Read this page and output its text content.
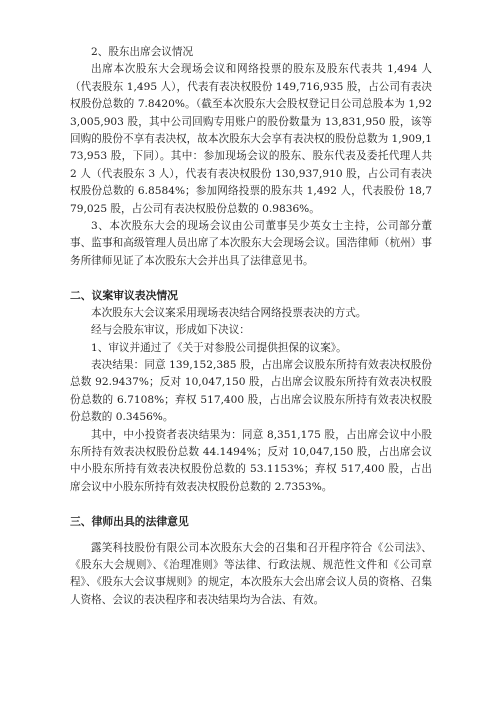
2、股东出席会议情况

出席本次股东大会现场会议和网络投票的股东及股东代表共 1,494 人（代表股东 1,495 人），代表有表决权股份 149,716,935 股，占公司有表决权股份总数的 7.8420%。（截至本次股东大会股权登记日公司总股本为 1,923,005,903 股，其中公司回购专用账户的股份数量为 13,831,950 股，该等回购的股份不享有表决权，故本次股东大会享有表决权的股份总数为 1,909,173,953 股，下同）。其中：参加现场会议的股东、股东代表及委托代理人共 2 人（代表股东 3 人），代表有表决权股份 130,937,910 股，占公司有表决权股份总数的 6.8584%；参加网络投票的股东共 1,492 人，代表股份 18,779,025 股，占公司有表决权股份总数的 0.9836%。

3、本次股东大会的现场会议由公司董事吴少英女士主持，公司部分董事、监事和高级管理人员出席了本次股东大会现场会议。国浩律师（杭州）事务所律师见证了本次股东大会并出具了法律意见书。

二、议案审议表决情况

本次股东大会议案采用现场表决结合网络投票表决的方式。

经与会股东审议，形成如下决议：

1、审议并通过了《关于对参股公司提供担保的议案》。

表决结果：同意 139,152,385 股，占出席会议股东所持有效表决权股份总数 92.9437%；反对 10,047,150 股，占出席会议股东所持有效表决权股份总数的 6.7108%；弃权 517,400 股，占出席会议股东所持有效表决权股份总数的 0.3456%。

其中，中小投资者表决结果为：同意 8,351,175 股，占出席会议中小股东所持有效表决权股份总数 44.1494%；反对 10,047,150 股，占出席会议中小股东所持有效表决权股份总数的 53.1153%；弃权 517,400 股，占出席会议中小股东所持有效表决权股份总数的 2.7353%。

三、律师出具的法律意见

露笑科技股份有限公司本次股东大会的召集和召开程序符合《公司法》、《股东大会规则》、《治理准则》等法律、行政法规、规范性文件和《公司章程》、《股东大会议事规则》的规定，本次股东大会出席会议人员的资格、召集人资格、会议的表决程序和表决结果均为合法、有效。
